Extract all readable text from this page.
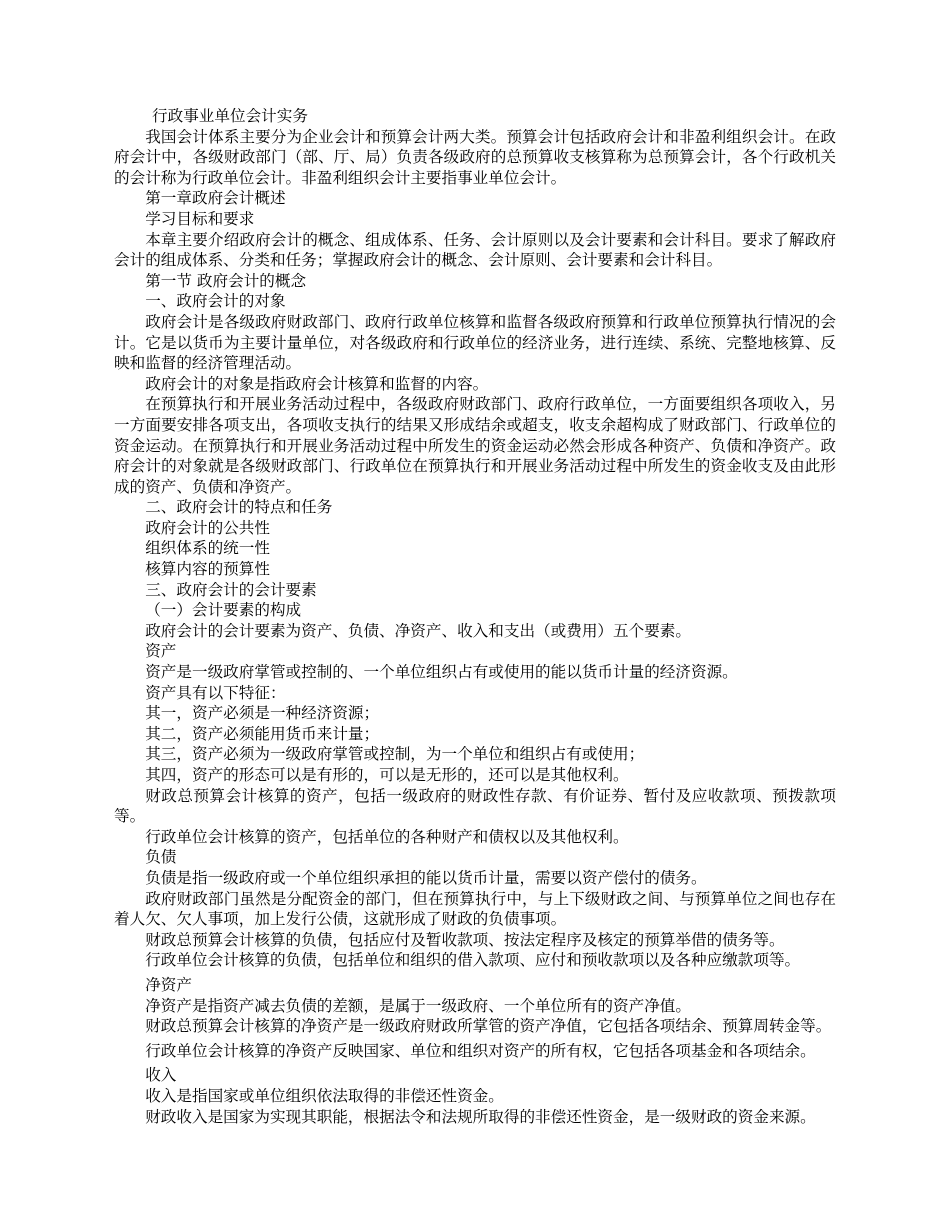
行政事业单位会计实务

我国会计体系主要分为企业会计和预算会计两大类。预算会计包括政府会计和非盈利组织会计。在政府会计中，各级财政部门（部、厅、局）负责各级政府的总预算收支核算称为总预算会计，各个行政机关的会计称为行政单位会计。非盈利组织会计主要指事业单位会计。

第一章政府会计概述

学习目标和要求

本章主要介绍政府会计的概念、组成体系、任务、会计原则以及会计要素和会计科目。要求了解政府会计的组成体系、分类和任务；掌握政府会计的概念、会计原则、会计要素和会计科目。

第一节 政府会计的概念

一、政府会计的对象

政府会计是各级政府财政部门、政府行政单位核算和监督各级政府预算和行政单位预算执行情况的会计。它是以货币为主要计量单位，对各级政府和行政单位的经济业务，进行连续、系统、完整地核算、反映和监督的经济管理活动。

政府会计的对象是指政府会计核算和监督的内容。

在预算执行和开展业务活动过程中，各级政府财政部门、政府行政单位，一方面要组织各项收入，另一方面要安排各项支出，各项收支执行的结果又形成结余或超支，收支余超构成了财政部门、行政单位的资金运动。在预算执行和开展业务活动过程中所发生的资金运动必然会形成各种资产、负债和净资产。政府会计的对象就是各级财政部门、行政单位在预算执行和开展业务活动过程中所发生的资金收支及由此形成的资产、负债和净资产。

二、政府会计的特点和任务

政府会计的公共性

组织体系的统一性

核算内容的预算性

三、政府会计的会计要素

（一）会计要素的构成

政府会计的会计要素为资产、负债、净资产、收入和支出（或费用）五个要素。

资产

资产是一级政府掌管或控制的、一个单位组织占有或使用的能以货币计量的经济资源。

资产具有以下特征：

其一，资产必须是一种经济资源；

其二，资产必须能用货币来计量；

其三，资产必须为一级政府掌管或控制，为一个单位和组织占有或使用；

其四，资产的形态可以是有形的，可以是无形的，还可以是其他权利。

财政总预算会计核算的资产，包括一级政府的财政性存款、有价证券、暂付及应收款项、预拨款项等。

行政单位会计核算的资产，包括单位的各种财产和债权以及其他权利。

负债

负债是指一级政府或一个单位组织承担的能以货币计量，需要以资产偿付的债务。

政府财政部门虽然是分配资金的部门，但在预算执行中，与上下级财政之间、与预算单位之间也存在着人欠、欠人事项，加上发行公债，这就形成了财政的负债事项。

财政总预算会计核算的负债，包括应付及暂收款项、按法定程序及核定的预算举借的债务等。

行政单位会计核算的负债，包括单位和组织的借入款项、应付和预收款项以及各种应缴款项等。

净资产

净资产是指资产减去负债的差额，是属于一级政府、一个单位所有的资产净值。

财政总预算会计核算的净资产是一级政府财政所掌管的资产净值，它包括各项结余、预算周转金等。

行政单位会计核算的净资产反映国家、单位和组织对资产的所有权，它包括各项基金和各项结余。

收入

收入是指国家或单位组织依法取得的非偿还性资金。

财政收入是国家为实现其职能，根据法令和法规所取得的非偿还性资金，是一级财政的资金来源。
